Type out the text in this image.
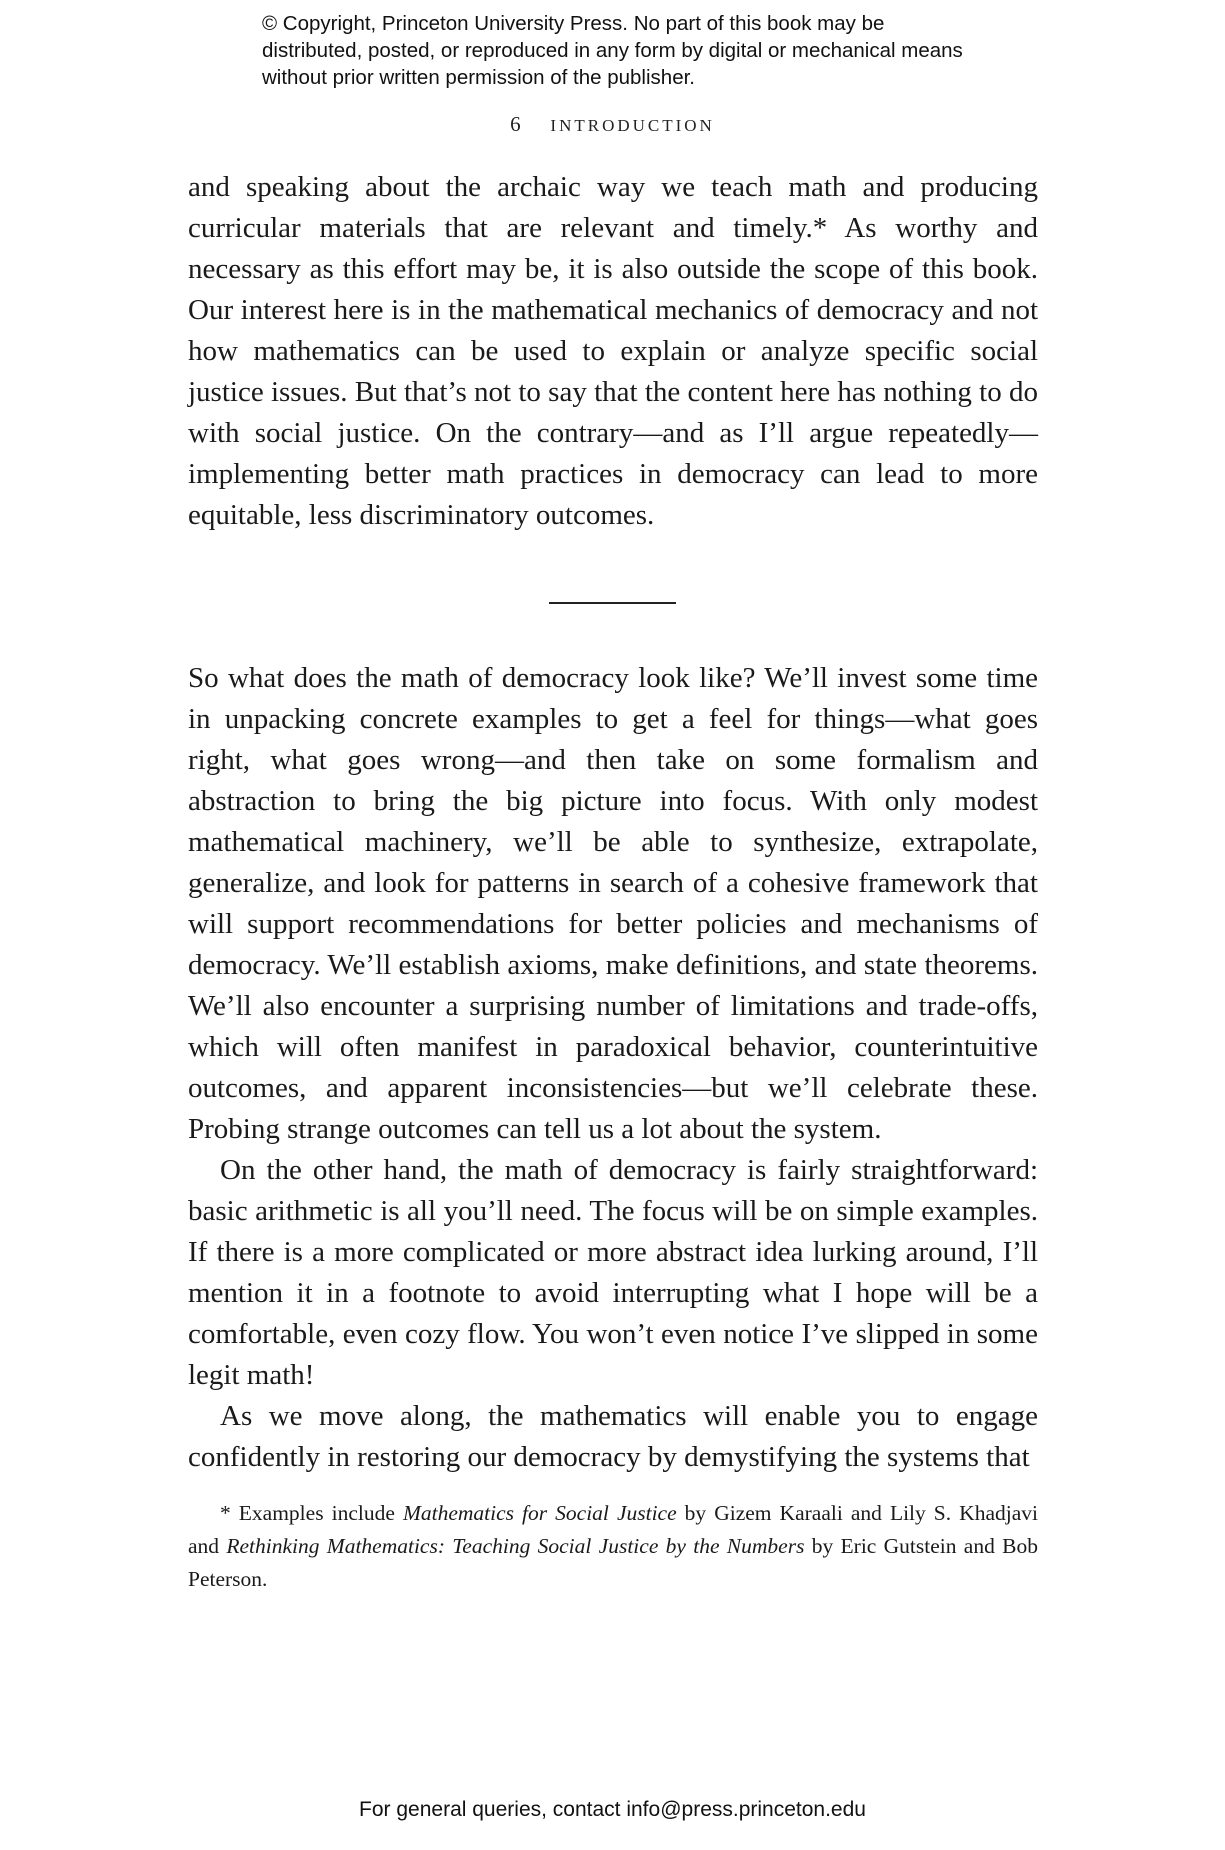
© Copyright, Princeton University Press. No part of this book may be distributed, posted, or reproduced in any form by digital or mechanical means without prior written permission of the publisher.
6 INTRODUCTION

and speaking about the archaic way we teach math and producing curricular materials that are relevant and timely.* As worthy and necessary as this effort may be, it is also outside the scope of this book. Our interest here is in the mathematical mechanics of democracy and not how mathematics can be used to explain or analyze specific social justice issues. But that’s not to say that the content here has nothing to do with social justice. On the contrary—and as I’ll argue repeatedly—implementing better math practices in democracy can lead to more equitable, less discriminatory outcomes.

So what does the math of democracy look like? We’ll invest some time in unpacking concrete examples to get a feel for things—what goes right, what goes wrong—and then take on some formalism and abstraction to bring the big picture into focus. With only modest mathematical machinery, we’ll be able to synthesize, extrapolate, generalize, and look for patterns in search of a cohesive framework that will support recommendations for better policies and mechanisms of democracy. We’ll establish axioms, make definitions, and state theorems. We’ll also encounter a surprising number of limitations and trade-offs, which will often manifest in paradoxical behavior, counterintuitive outcomes, and apparent inconsistencies—but we’ll celebrate these. Probing strange outcomes can tell us a lot about the system.

On the other hand, the math of democracy is fairly straightforward: basic arithmetic is all you’ll need. The focus will be on simple examples. If there is a more complicated or more abstract idea lurking around, I’ll mention it in a footnote to avoid interrupting what I hope will be a comfortable, even cozy flow. You won’t even notice I’ve slipped in some legit math!

As we move along, the mathematics will enable you to engage confidently in restoring our democracy by demystifying the systems that

* Examples include Mathematics for Social Justice by Gizem Karaali and Lily S. Khadjavi and Rethinking Mathematics: Teaching Social Justice by the Numbers by Eric Gutstein and Bob Peterson.
For general queries, contact info@press.princeton.edu
